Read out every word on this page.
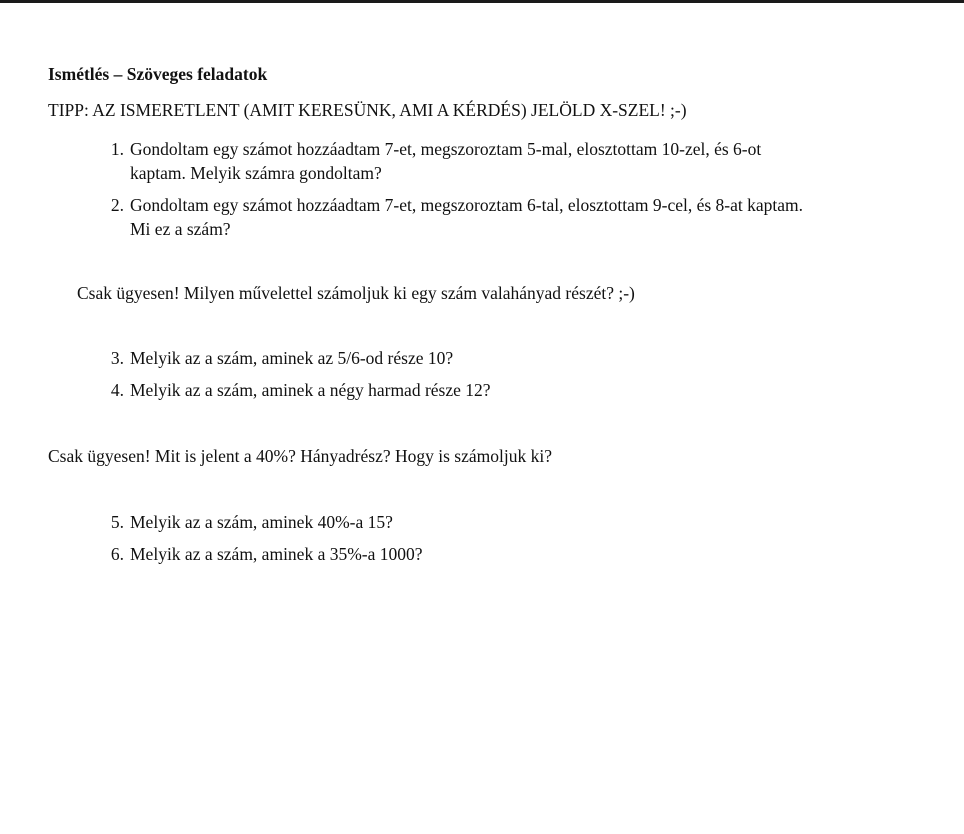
Ismétlés – Szöveges feladatok
TIPP: AZ ISMERETLENT (AMIT KERESÜNK, AMI A KÉRDÉS) JELÖLD X-SZEL! ;-)
1. Gondoltam egy számot hozzáadtam 7-et, megszoroztam 5-mal, elosztottam 10-zel, és 6-ot
kaptam. Melyik számra gondoltam?
2. Gondoltam egy számot hozzáadtam 7-et, megszoroztam 6-tal, elosztottam 9-cel, és 8-at kaptam.
Mi ez a szám?
Csak ügyesen! Milyen művelettel számoljuk ki egy szám valahányad részét? ;-)
3. Melyik az a szám, aminek az 5/6-od része 10?
4. Melyik az a szám, aminek a négy harmad része 12?
Csak ügyesen! Mit is jelent a 40%? Hányadrész? Hogy is számoljuk ki?
5. Melyik az a szám, aminek 40%-a 15?
6. Melyik az a szám, aminek a 35%-a 1000?
